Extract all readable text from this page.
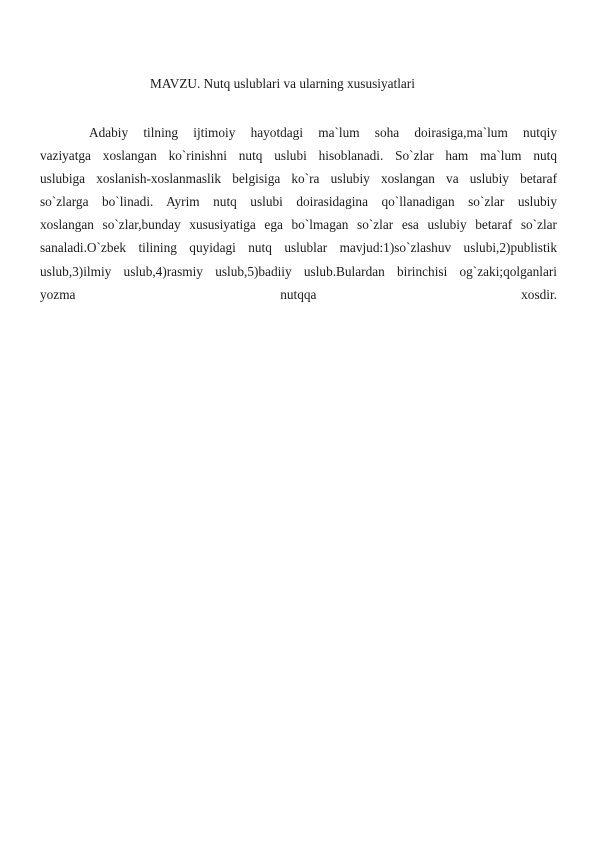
MAVZU. Nutq uslublari va ularning xususiyatlari
Adabiy tilning ijtimoiy hayotdagi ma`lum soha doirasiga,ma`lum nutqiy
vaziyatga xoslangan ko`rinishni nutq uslubi hisoblanadi. So`zlar ham ma`lum nutq
uslubiga xoslanish-xoslanmaslik belgisiga ko`ra uslubiy xoslangan va uslubiy betaraf
so`zlarga bo`linadi. Ayrim nutq uslubi doirasidagina qo`llanadigan so`zlar uslubiy
xoslangan so`zlar,bunday xususiyatiga ega bo`lmagan so`zlar esa uslubiy betaraf so`zlar
sanaladi.O`zbek tilining quyidagi nutq uslublar mavjud:1)so`zlashuv uslubi,2)publistik
uslub,3)ilmiy uslub,4)rasmiy uslub,5)badiiy uslub.Bulardan birinchisi og`zaki;qolganlari
yozma nutqqa xosdir.
